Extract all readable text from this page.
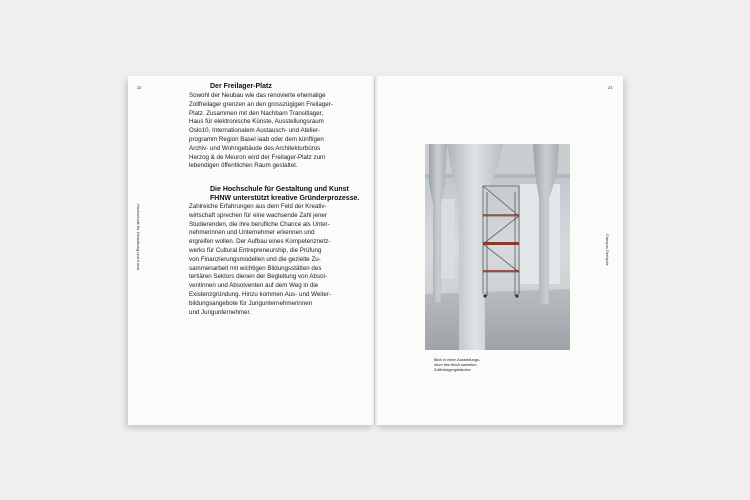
22
Hochschule für Gestaltung und Kunst

Der Freilager-Platz

Sowohl der Neubau wie das renovierte ehemalige
Zollfreilager grenzen an den grosszügigen Freilager-
Platz. Zusammen mit den Nachbarn Transitlager,
Haus für elektronische Künste, Ausstellungsraum
Oslo10, Internationalem Austausch- und Atelier-
programm Region Basel iaab oder dem künftigen
Archiv- und Wohngebäude des Architekturbüros
Herzog & de Meuron wird der Freilager-Platz zum
lebendigen öffentlichen Raum gestaltet.

Die Hochschule für Gestaltung und Kunst
FHNW unterstützt kreative Gründerprozesse.

Zahlreiche Erfahrungen aus dem Feld der Kreativ-
wirtschaft sprechen für eine wachsende Zahl jener
Studierenden, die ihre berufliche Chance als Unter-
nehmerinnen und Unternehmer erkennen und
ergreifen wollen. Der Aufbau eines Kompetenznetz-
werks für Cultural Entrepreneurship, die Prüfung
von Finanzierungsmodellen und die gezielte Zu-
sammenarbeit mit wichtigen Bildungsstätten des
tertiären Sektors dienen der Begleitung von Absol-
ventinnen und Absolventen auf dem Weg in die
Existenzgründung. Hinzu kommen Aus- und Weiter-
bildungsangebote für Jungunternehmerinnen
und Jungunternehmer.

23
Campus Dreispitz

Blick in einen Ausstellungs-
raum des frisch sanierten
Zollfreilagergebäudes
